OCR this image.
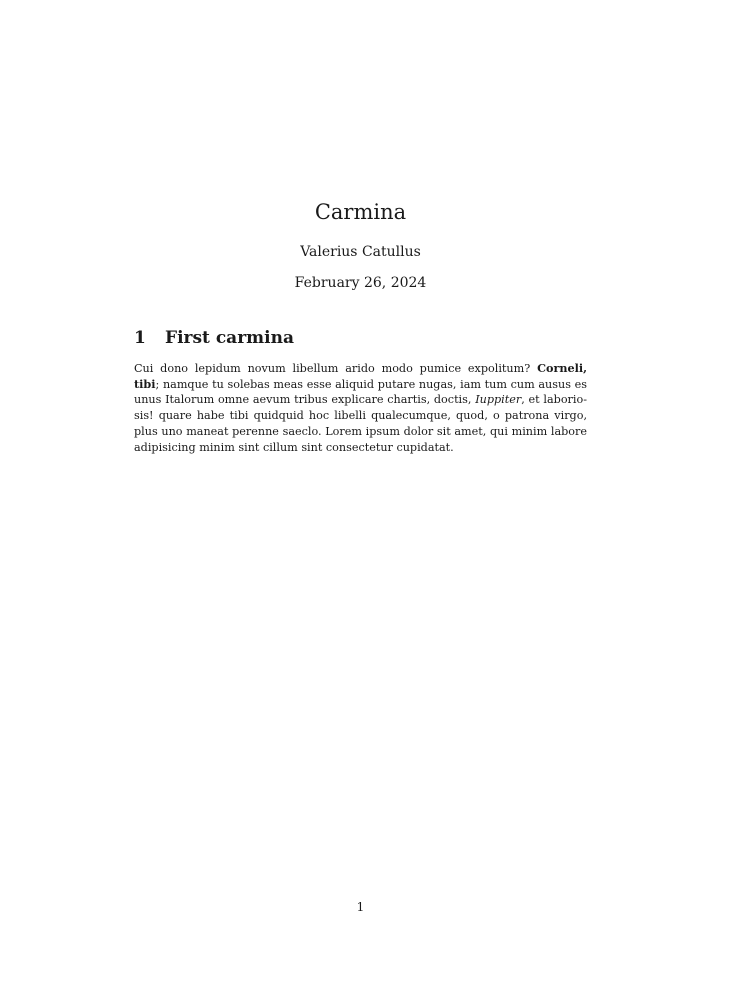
Carmina
Valerius Catullus
February 26, 2024
1 First carmina
Cui dono lepidum novum libellum arido modo pumice expolitum? Corneli,
tibi; namque tu solebas meas esse aliquid putare nugas, iam tum cum ausus es
unus Italorum omne aevum tribus explicare chartis, doctis, Iuppiter, et laborio-
sis! quare habe tibi quidquid hoc libelli qualecumque, quod, o patrona virgo,
plus uno maneat perenne saeclo. Lorem ipsum dolor sit amet, qui minim labore
adipisicing minim sint cillum sint consectetur cupidatat.
1
